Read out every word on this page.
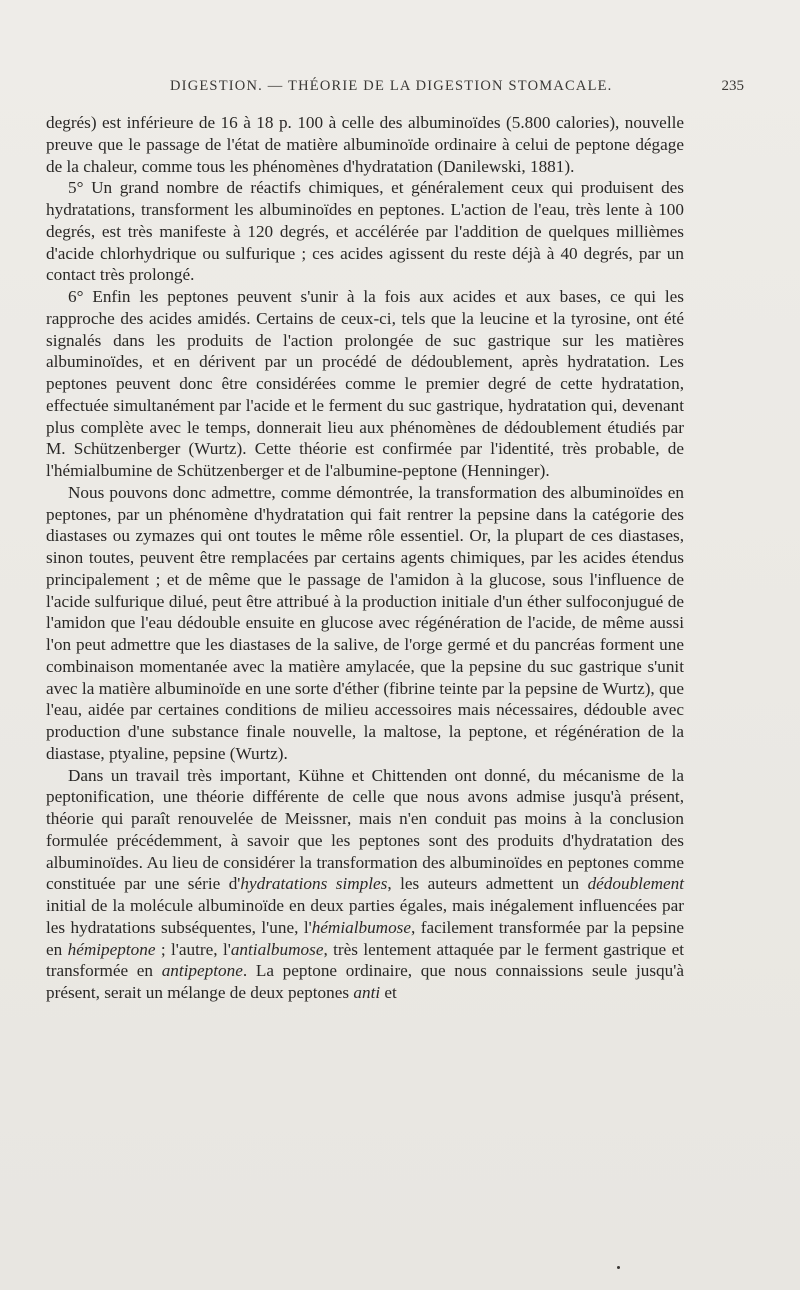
DIGESTION. — THÉORIE DE LA DIGESTION STOMACALE.	235

degrés) est inférieure de 16 à 18 p. 100 à celle des albuminoïdes (5.800 calories), nouvelle preuve que le passage de l'état de matière albuminoïde ordinaire à celui de peptone dégage de la chaleur, comme tous les phénomènes d'hydratation (Danilewski, 1881).

5° Un grand nombre de réactifs chimiques, et généralement ceux qui produisent des hydratations, transforment les albuminoïdes en peptones. L'action de l'eau, très lente à 100 degrés, est très manifeste à 120 degrés, et accélérée par l'addition de quelques millièmes d'acide chlorhydrique ou sulfurique ; ces acides agissent du reste déjà à 40 degrés, par un contact très prolongé.

6° Enfin les peptones peuvent s'unir à la fois aux acides et aux bases, ce qui les rapproche des acides amidés. Certains de ceux-ci, tels que la leucine et la tyrosine, ont été signalés dans les produits de l'action prolongée de suc gastrique sur les matières albuminoïdes, et en dérivent par un procédé de dédoublement, après hydratation. Les peptones peuvent donc être considérées comme le premier degré de cette hydratation, effectuée simultanément par l'acide et le ferment du suc gastrique, hydratation qui, devenant plus complète avec le temps, donnerait lieu aux phénomènes de dédoublement étudiés par M. Schützenberger (Wurtz). Cette théorie est confirmée par l'identité, très probable, de l'hémialbumine de Schützenberger et de l'albumine-peptone (Henninger).

Nous pouvons donc admettre, comme démontrée, la transformation des albuminoïdes en peptones, par un phénomène d'hydratation qui fait rentrer la pepsine dans la catégorie des diastases ou zymazes qui ont toutes le même rôle essentiel. Or, la plupart de ces diastases, sinon toutes, peuvent être remplacées par certains agents chimiques, par les acides étendus principalement ; et de même que le passage de l'amidon à la glucose, sous l'influence de l'acide sulfurique dilué, peut être attribué à la production initiale d'un éther sulfoconjugué de l'amidon que l'eau dédouble ensuite en glucose avec régénération de l'acide, de même aussi l'on peut admettre que les diastases de la salive, de l'orge germé et du pancréas forment une combinaison momentanée avec la matière amylacée, que la pepsine du suc gastrique s'unit avec la matière albuminoïde en une sorte d'éther (fibrine teinte par la pepsine de Wurtz), que l'eau, aidée par certaines conditions de milieu accessoires mais nécessaires, dédouble avec production d'une substance finale nouvelle, la maltose, la peptone, et régénération de la diastase, ptyaline, pepsine (Wurtz).

Dans un travail très important, Kühne et Chittenden ont donné, du mécanisme de la peptonification, une théorie différente de celle que nous avons admise jusqu'à présent, théorie qui paraît renouvelée de Meissner, mais n'en conduit pas moins à la conclusion formulée précédemment, à savoir que les peptones sont des produits d'hydratation des albuminoïdes. Au lieu de considérer la transformation des albuminoïdes en peptones comme constituée par une série d'hydratations simples, les auteurs admettent un dédoublement initial de la molécule albuminoïde en deux parties égales, mais inégalement influencées par les hydratations subséquentes, l'une, l'hémialbumose, facilement transformée par la pepsine en hémipeptone ; l'autre, l'antialbumose, très lentement attaquée par le ferment gastrique et transformée en antipeptone. La peptone ordinaire, que nous connaissions seule jusqu'à présent, serait un mélange de deux peptones anti et
